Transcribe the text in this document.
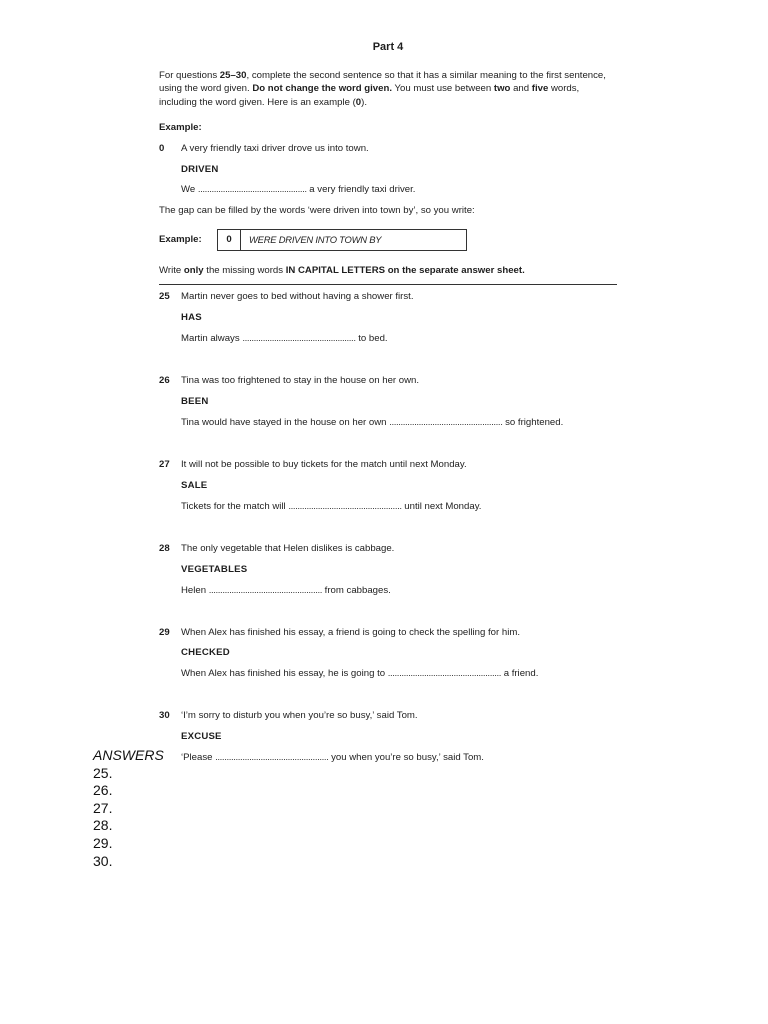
Part 4

For questions 25–30, complete the second sentence so that it has a similar meaning to the first sentence, using the word given. Do not change the word given. You must use between two and five words, including the word given. Here is an example (0).

Example:
0	A very friendly taxi driver drove us into town.

DRIVEN

We ................................................ a very friendly taxi driver.

The gap can be filled by the words ‘were driven into town by’, so you write:

Example:	0	WERE DRIVEN INTO TOWN BY

Write only the missing words IN CAPITAL LETTERS on the separate answer sheet.

25	Martin never goes to bed without having a shower first.

HAS

Martin always .................................................. to bed.

26	Tina was too frightened to stay in the house on her own.

BEEN

Tina would have stayed in the house on her own .................................................. so frightened.

27	It will not be possible to buy tickets for the match until next Monday.

SALE

Tickets for the match will .................................................. until next Monday.

28	The only vegetable that Helen dislikes is cabbage.

VEGETABLES

Helen .................................................. from cabbages.

29	When Alex has finished his essay, a friend is going to check the spelling for him.

CHECKED

When Alex has finished his essay, he is going to .................................................. a friend.

30	‘I’m sorry to disturb you when you’re so busy,’ said Tom.

EXCUSE

‘Please .................................................. you when you’re so busy,’ said Tom.

ANSWERS
25.
26.
27.
28.
29.
30.
